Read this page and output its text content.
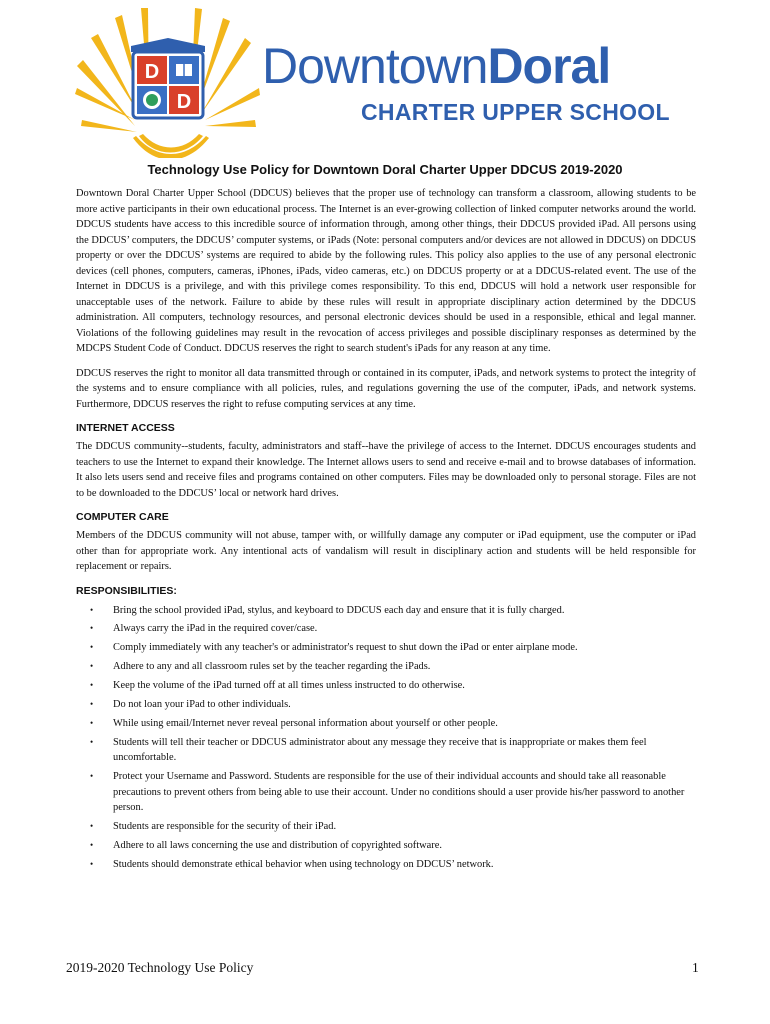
D
D
DowntownDoral
CHARTER UPPER SCHOOL
Technology Use Policy for Downtown Doral Charter Upper DDCUS 2019-2020

Downtown Doral Charter Upper School (DDCUS) believes that the proper use of technology can transform a classroom, allowing students to be more active participants in their own educational process. The Internet is an ever-growing collection of linked computer networks around the world. DDCUS students have access to this incredible source of information through, among other things, their DDCUS provided iPad. All persons using the DDCUS’ computers, the DDCUS’ computer systems, or iPads (Note: personal computers and/or devices are not allowed in DDCUS) on DDCUS property or over the DDCUS’ systems are required to abide by the following rules. This policy also applies to the use of any personal electronic devices (cell phones, computers, cameras, iPhones, iPads, video cameras, etc.) on DDCUS property or at a DDCUS-related event. The use of the Internet in DDCUS is a privilege, and with this privilege comes responsibility. To this end, DDCUS will hold a network user responsible for unacceptable uses of the network. Failure to abide by these rules will result in appropriate disciplinary action determined by the DDCUS administration. All computers, technology resources, and personal electronic devices should be used in a responsible, ethical and legal manner. Violations of the following guidelines may result in the revocation of access privileges and possible disciplinary responses as determined by the MDCPS Student Code of Conduct. DDCUS reserves the right to search student's iPads for any reason at any time.

DDCUS reserves the right to monitor all data transmitted through or contained in its computer, iPads, and network systems to protect the integrity of the systems and to ensure compliance with all policies, rules, and regulations governing the use of the computer, iPads, and network systems. Furthermore, DDCUS reserves the right to refuse computing services at any time.

INTERNET ACCESS

The DDCUS community--students, faculty, administrators and staff--have the privilege of access to the Internet. DDCUS encourages students and teachers to use the Internet to expand their knowledge. The Internet allows users to send and receive e-mail and to browse databases of information. It also lets users send and receive files and programs contained on other computers. Files may be downloaded only to personal storage. Files are not to be downloaded to the DDCUS’ local or network hard drives.

COMPUTER CARE

Members of the DDCUS community will not abuse, tamper with, or willfully damage any computer or iPad equipment, use the computer or iPad other than for appropriate work. Any intentional acts of vandalism will result in disciplinary action and students will be held responsible for replacement or repairs.

RESPONSIBILITIES:
• Bring the school provided iPad, stylus, and keyboard to DDCUS each day and ensure that it is fully charged.
• Always carry the iPad in the required cover/case.
• Comply immediately with any teacher's or administrator's request to shut down the iPad or enter airplane mode.
• Adhere to any and all classroom rules set by the teacher regarding the iPads.
• Keep the volume of the iPad turned off at all times unless instructed to do otherwise.
• Do not loan your iPad to other individuals.
• While using email/Internet never reveal personal information about yourself or other people.
• Students will tell their teacher or DDCUS administrator about any message they receive that is inappropriate or makes them feel uncomfortable.
• Protect your Username and Password. Students are responsible for the use of their individual accounts and should take all reasonable precautions to prevent others from being able to use their account. Under no conditions should a user provide his/her password to another person.
• Students are responsible for the security of their iPad.
• Adhere to all laws concerning the use and distribution of copyrighted software.
• Students should demonstrate ethical behavior when using technology on DDCUS’ network.
2019-2020 Technology Use Policy	1
